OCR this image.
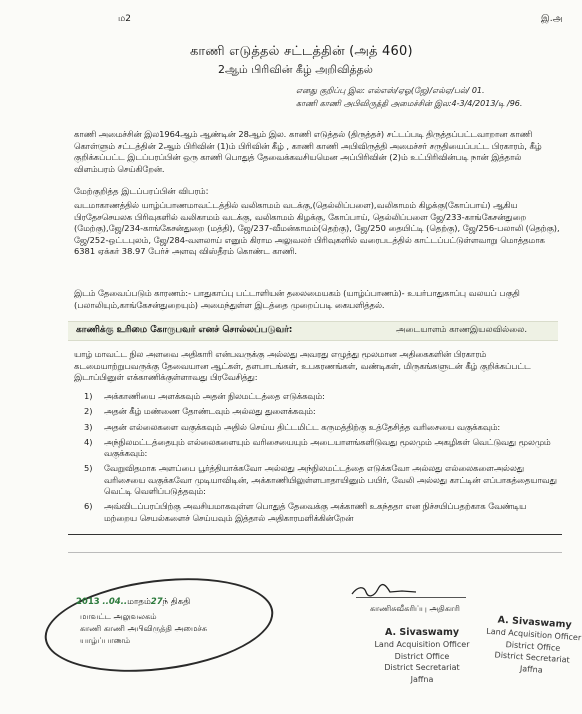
ம2	இ.அ
காணி எடுத்தல் சட்டத்தின் (அத் 460)
2ஆம் பிரிவின் கீழ் அறிவித்தல்
எனது குறிப்பு இல: எல்எஸ்/ஏஓ(ஜே)/எல்ஏ/பல்/ 01.
காணி காணி அபிவிருத்தி அமைச்சின் இல:4-3/4/2013/டி /96.
காணி அமைச்சின் இல1964ஆம் ஆண்டின் 28ஆம் இல. காணி எடுத்தல் (திருத்தச்) சட்டப்படி திருத்தப்பட்டவாறான காணி கொள்ளும் சட்டத்தின் 2ஆம் பிரிவின் (1)ம் பிரிவின் கீழ் , காணி காணி அபிவிருத்தி அமைச்சர் சருதியைப்பட்ட பிரகாரம், கீழ் குறிக்கப்பட்ட இடப்பரப்பின் ஒரு காணி பொதுத் தேவைக்கவசியமென அப்பிரிவின் (2)ம் உட்பிரிவின்படி நான் இத்தால் விளம்பரம் செய்கிறேன்.
மேற்குறித்த இடப்பரப்பின் விபரம்:
வடமாகாணத்தில் யாழ்ப்பாணமாவட்டத்தில் வலிகாமம் வடக்கு,(தெல்லிப்பளை),வலிகாமம் கிழக்கு(கோப்பாய்) ஆகிய பிரதேசசெயலக பிரிவுகளில் வலிகாமம் வடக்கு, வலிகாமம் கிழக்கு, கோப்பாய், தெல்லிப்பளை ஜே/233-காங்கேசன்துறை (மேற்கு),ஜே/234-காங்கேசன்துறை (மத்தி), ஜே/237-வீமன்காமம்(தெற்கு), ஜே/250 தையிட்டி (தெற்கு), ஜே/256-பலாலி (தெற்கு), ஜே/252-ஒட்டபுலம், ஜே/284-வளலாய் எனும் கிராம அலுவலர் பிரிவுகளில் வரைபடத்தில் காட்டப்பட்டுள்ளவாறு மொத்தமாக 6381 ஏக்கர் 38.97 பேர்ச் அளவு விஸ்தீரம் கொண்ட காணி.
இடம் தேவைப்படும் காரணம்:- பாதுகாப்பு பட்டாளியன் தலைமையகம் (யாழ்ப்பாணம்)- உயர்பாதுகாப்பு வலயப் பகுதி (பலாலியும்,காங்கேசன்துறையும்) அமைந்துள்ள இடத்தை முறைப்படி கையளித்தல்.
காணிக்கு உரிமை கோருபவர் எனச் சொல்லப்படுவர்:	அடையாளம் காணஇயலவில்லை.
யாழ் மாவட்ட நில அளவை அதிகாரி என்பவருக்கு அல்லது அவரது எழுத்து மூலமான அதிகைகளின் பிரகாரம் கடமையாற்றுபவருக்கு தேவையான ஆட்கள், தளபாடங்கள், உபகரணங்கள், வண்டிகள், மிருகங்களுடன் கீழ் குறிக்கப்பட்ட இடாப்பினுள் எக்காணிக்குள்ளாவது பிரவேசித்து:
1) அக்காணியை அளக்கவும் அதன் நிலமட்டத்தை எடுக்கவும்:
2) அதன் கீழ் மண்ணை தோண்டவும் அல்லது துளைக்கவும்:
3) அதன் எல்லைகளை வகுக்கவும் அதில் செய்ய திட்டமிட்ட கருமத்திற்கு உத்தேசித்த வரிசையை வகுக்கவும்:
4) அந்நிலமட்டத்தையும் எல்லைகளையும் வரிசையையும் அடையாளங்களிடுவது மூலமும் அகழிகள் வெட்டுவது மூலமும் வகுக்கவும்:
5) வேறுவிதமாக அளப்பை பூர்த்தியாக்கவோ அல்லது அந்நிலமட்டத்தை எடுக்கவோ அல்லது எல்லைகளைஅல்லது வரிசையை வகுக்கவோ முடியாவிடின், அக்காணியிலுள்ளபாதாயினும் பயிர், வேலி அல்லது காட்டின் எப்பாகத்தையாவது வெட்டி வெளிப்படுத்தவும்:
6) அவ்விடப்பரப்பிற்கு அவசியமாகவுள்ள பொதுத் தேவைக்கு அக்காணி உகந்ததா என நிச்சயிப்பதற்காக வேண்டிய மற்றைய செயல்களைச் செய்யவும் இத்தால் அதிகாரமளிக்கின்றேன்
2013 ..04..மாதம்27ந் திகதி
மாவட்ட அலுவலகம்
காணி காணி அபிவிருத்தி அமைச்சு
யாழ்ப்பாணம்
காணிசுவீகரிப்பு அதிகாரி
A. Sivaswamy
Land Acquisition Officer
District Office
District Secretariat
Jaffna
A. Sivaswamy
Land Acquisition Officer
District Office
District Secretariat
Jaffna
